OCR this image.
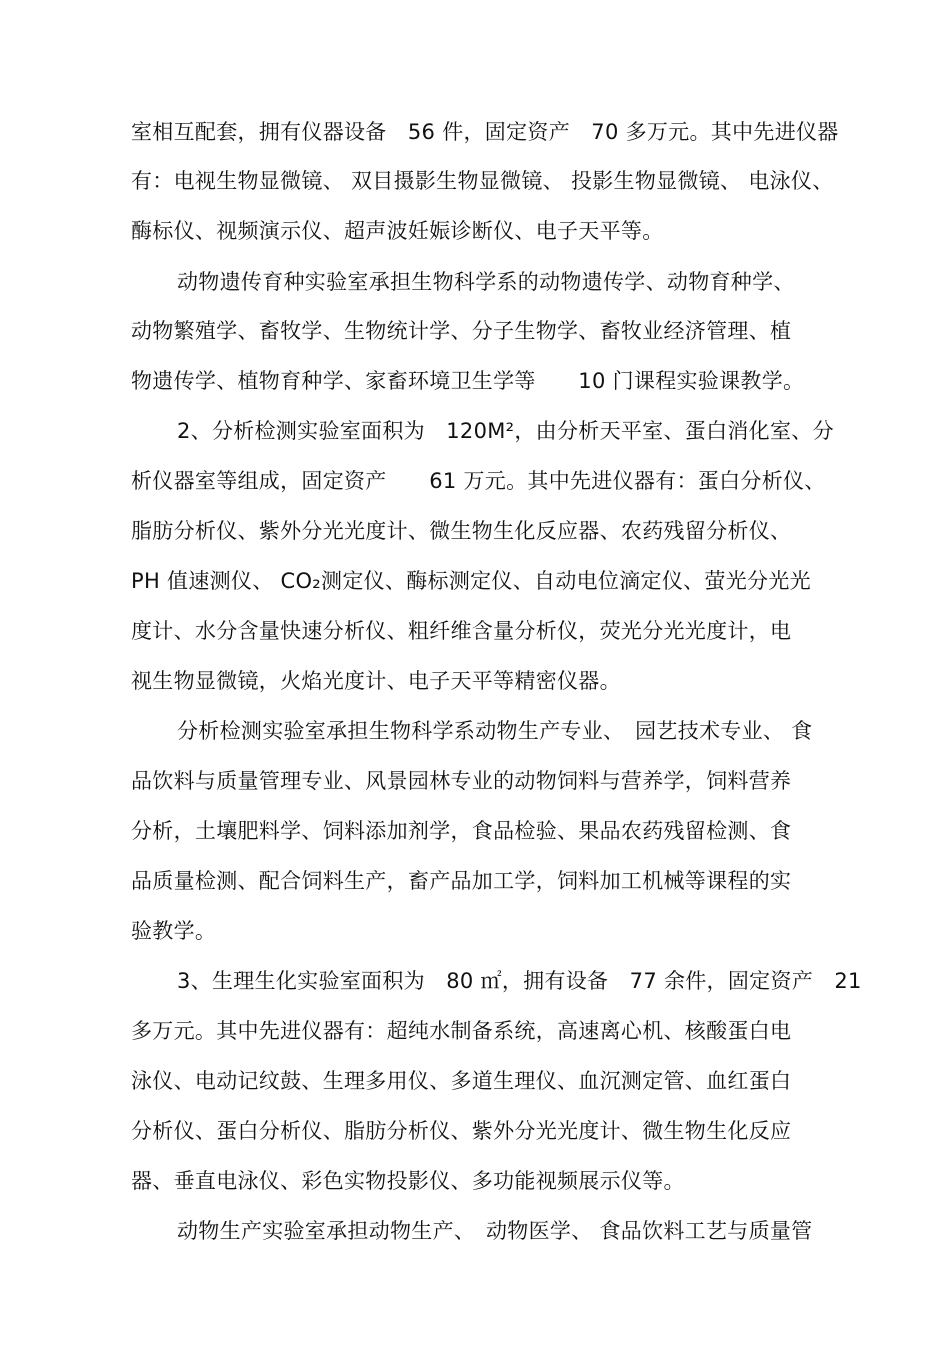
室相互配套，拥有仪器设备　56 件，固定资产　70 多万元。其中先进仪器
有：电视生物显微镜、 双目摄影生物显微镜、 投影生物显微镜、 电泳仪、
酶标仪、视频演示仪、超声波妊娠诊断仪、电子天平等。
动物遗传育种实验室承担生物科学系的动物遗传学、动物育种学、
动物繁殖学、畜牧学、生物统计学、分子生物学、畜牧业经济管理、植
物遗传学、植物育种学、家畜环境卫生学等　　10 门课程实验课教学。
2、分析检测实验室面积为　120M²，由分析天平室、蛋白消化室、分
析仪器室等组成，固定资产　　61 万元。其中先进仪器有：蛋白分析仪、
脂肪分析仪、紫外分光光度计、微生物生化反应器、农药残留分析仪、
PH 值速测仪、 CO₂测定仪、酶标测定仪、自动电位滴定仪、萤光分光光
度计、水分含量快速分析仪、粗纤维含量分析仪，荧光分光光度计，电
视生物显微镜，火焰光度计、电子天平等精密仪器。
分析检测实验室承担生物科学系动物生产专业、　园艺技术专业、 食
品饮料与质量管理专业、风景园林专业的动物饲料与营养学，饲料营养
分析，土壤肥料学、饲料添加剂学，食品检验、果品农药残留检测、食
品质量检测、配合饲料生产，畜产品加工学，饲料加工机械等课程的实
验教学。
3、生理生化实验室面积为　80 ㎡，拥有设备　77 余件，固定资产　21
多万元。其中先进仪器有：超纯水制备系统，高速离心机、核酸蛋白电
泳仪、电动记纹鼓、生理多用仪、多道生理仪、血沉测定管、血红蛋白
分析仪、蛋白分析仪、脂肪分析仪、紫外分光光度计、微生物生化反应
器、垂直电泳仪、彩色实物投影仪、多功能视频展示仪等。
动物生产实验室承担动物生产、　动物医学、 食品饮料工艺与质量管
